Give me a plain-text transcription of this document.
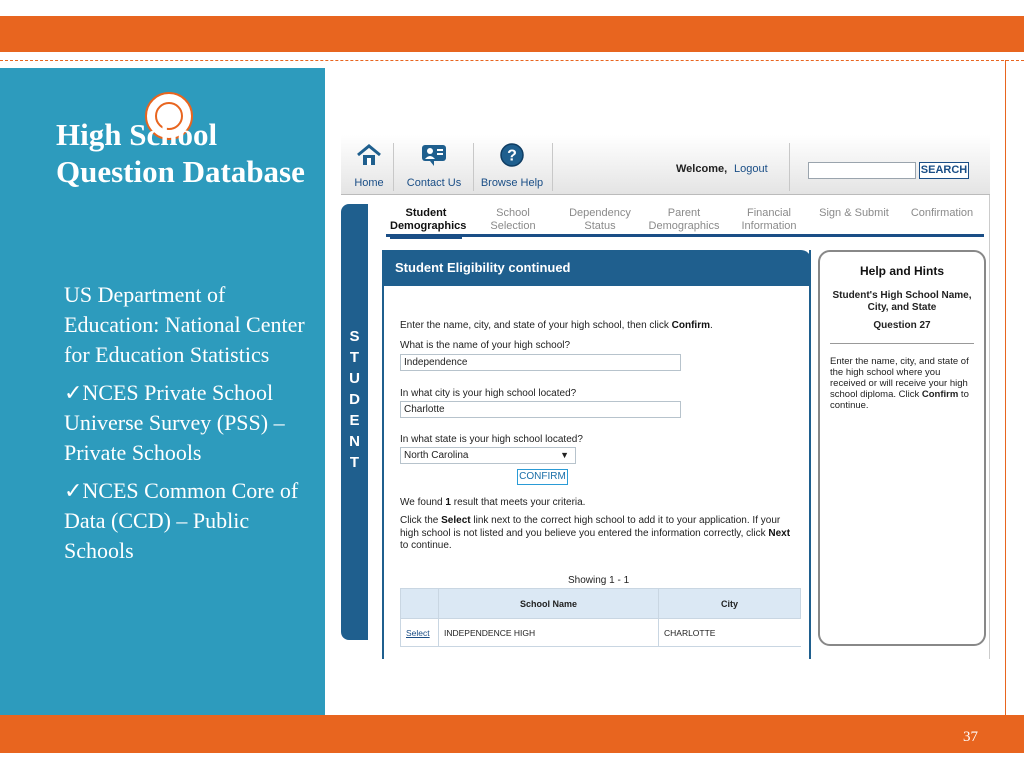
High School Question Database

US Department of Education: National Center for Education Statistics

✓NCES Private School Universe Survey (PSS) – Private Schools

✓NCES Common Core of Data (CCD) – Public Schools

37
Home	Contact Us
?
Browse Help
Welcome, Logout	SEARCH
Student
Demographics
School
Selection
Dependency
Status
Parent
Demographics
Financial
Information
Sign & Submit	Confirmation

S
T
U
D
E
N
T
Student Eligibility continued
Enter the name, city, and state of your high school, then click Confirm.
What is the name of your high school?
Independence
In what city is your high school located?
Charlotte
In what state is your high school located?
North Carolina	▼
CONFIRM
We found 1 result that meets your criteria.
Click the Select link next to the correct high school to add it to your application. If your high school is not listed and you believe you entered the information correctly, click Next to continue.
Showing 1 - 1
	School Name	City
Select	INDEPENDENCE HIGH	CHARLOTTE
Help and Hints
Student's High School Name, City, and State
Question 27
Enter the name, city, and state of the high school where you received or will receive your high school diploma. Click Confirm to continue.
